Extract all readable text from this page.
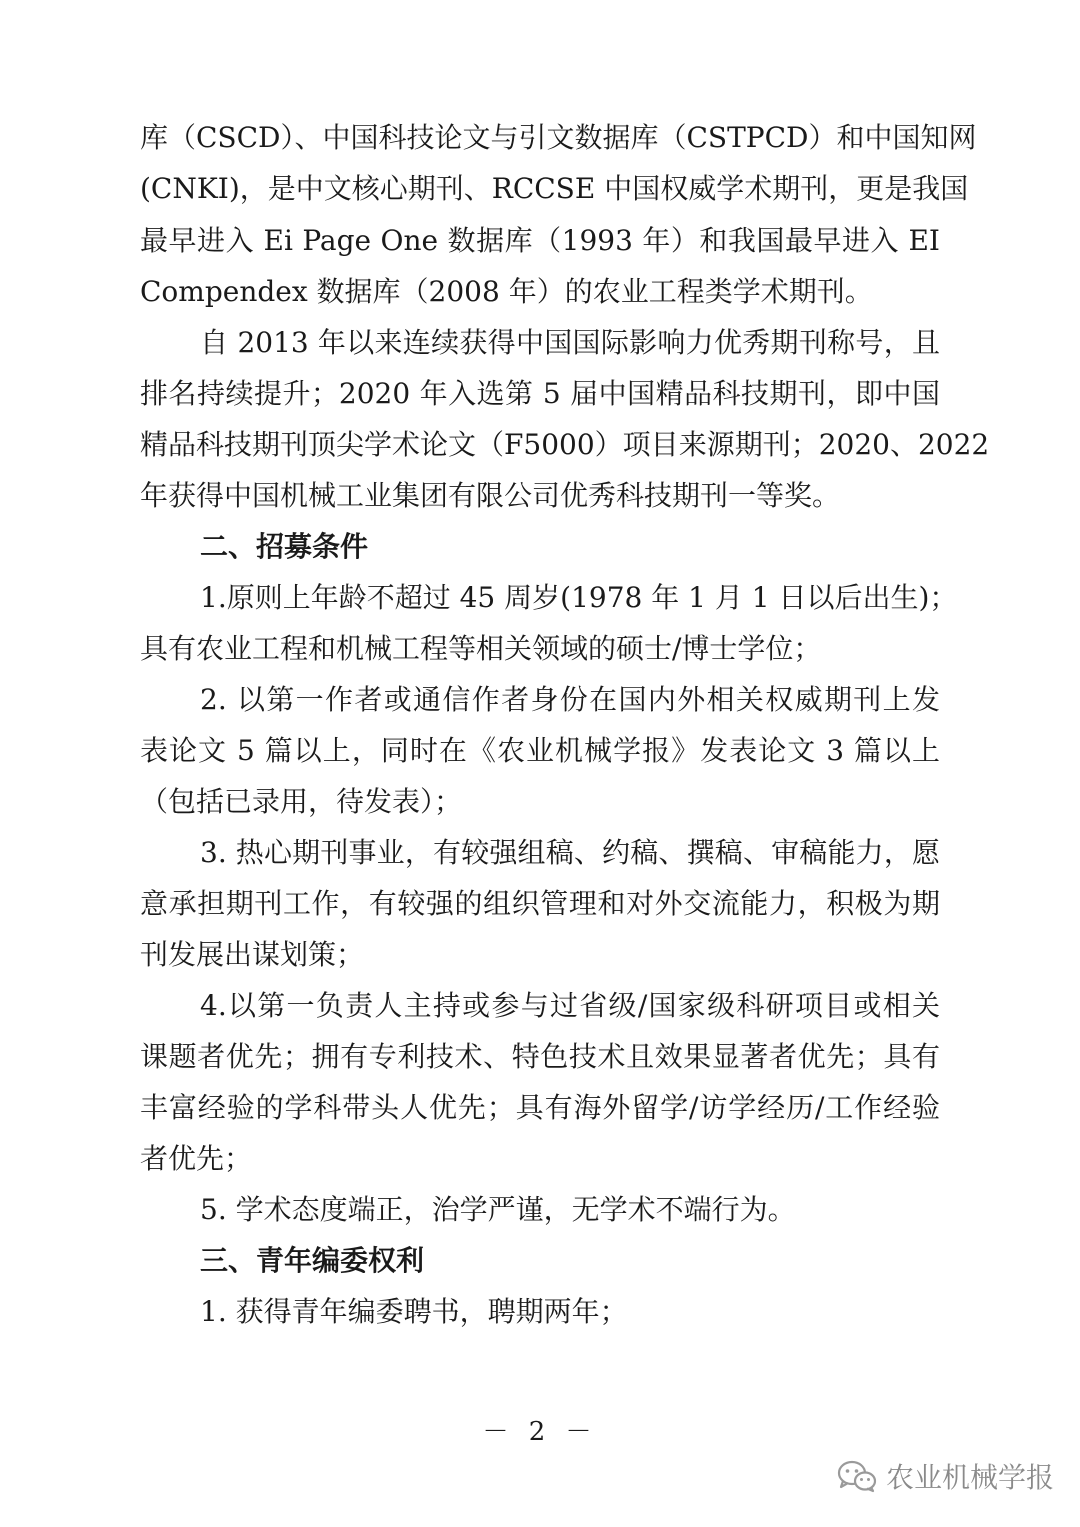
库（CSCD）、中国科技论文与引文数据库（CSTPCD）和中国知网
(CNKI)，是中文核心期刊、RCCSE 中国权威学术期刊，更是我国
最早进入 Ei Page One 数据库（1993 年）和我国最早进入 EI
Compendex 数据库（2008 年）的农业工程类学术期刊。
自 2013 年以来连续获得中国国际影响力优秀期刊称号，且
排名持续提升；2020 年入选第 5 届中国精品科技期刊，即中国
精品科技期刊顶尖学术论文（F5000）项目来源期刊；2020、2022
年获得中国机械工业集团有限公司优秀科技期刊一等奖。
二、招募条件
1.原则上年龄不超过 45 周岁(1978 年 1 月 1 日以后出生)；
具有农业工程和机械工程等相关领域的硕士/博士学位；
2. 以第一作者或通信作者身份在国内外相关权威期刊上发
表论文 5 篇以上，同时在《农业机械学报》发表论文 3 篇以上
（包括已录用，待发表）；
3. 热心期刊事业，有较强组稿、约稿、撰稿、审稿能力，愿
意承担期刊工作，有较强的组织管理和对外交流能力，积极为期
刊发展出谋划策；
4.以第一负责人主持或参与过省级/国家级科研项目或相关
课题者优先；拥有专利技术、特色技术且效果显著者优先；具有
丰富经验的学科带头人优先；具有海外留学/访学经历/工作经验
者优先；
5. 学术态度端正，治学严谨，无学术不端行为。
三、青年编委权利
1. 获得青年编委聘书，聘期两年；
－ 2 －
农业机械学报
